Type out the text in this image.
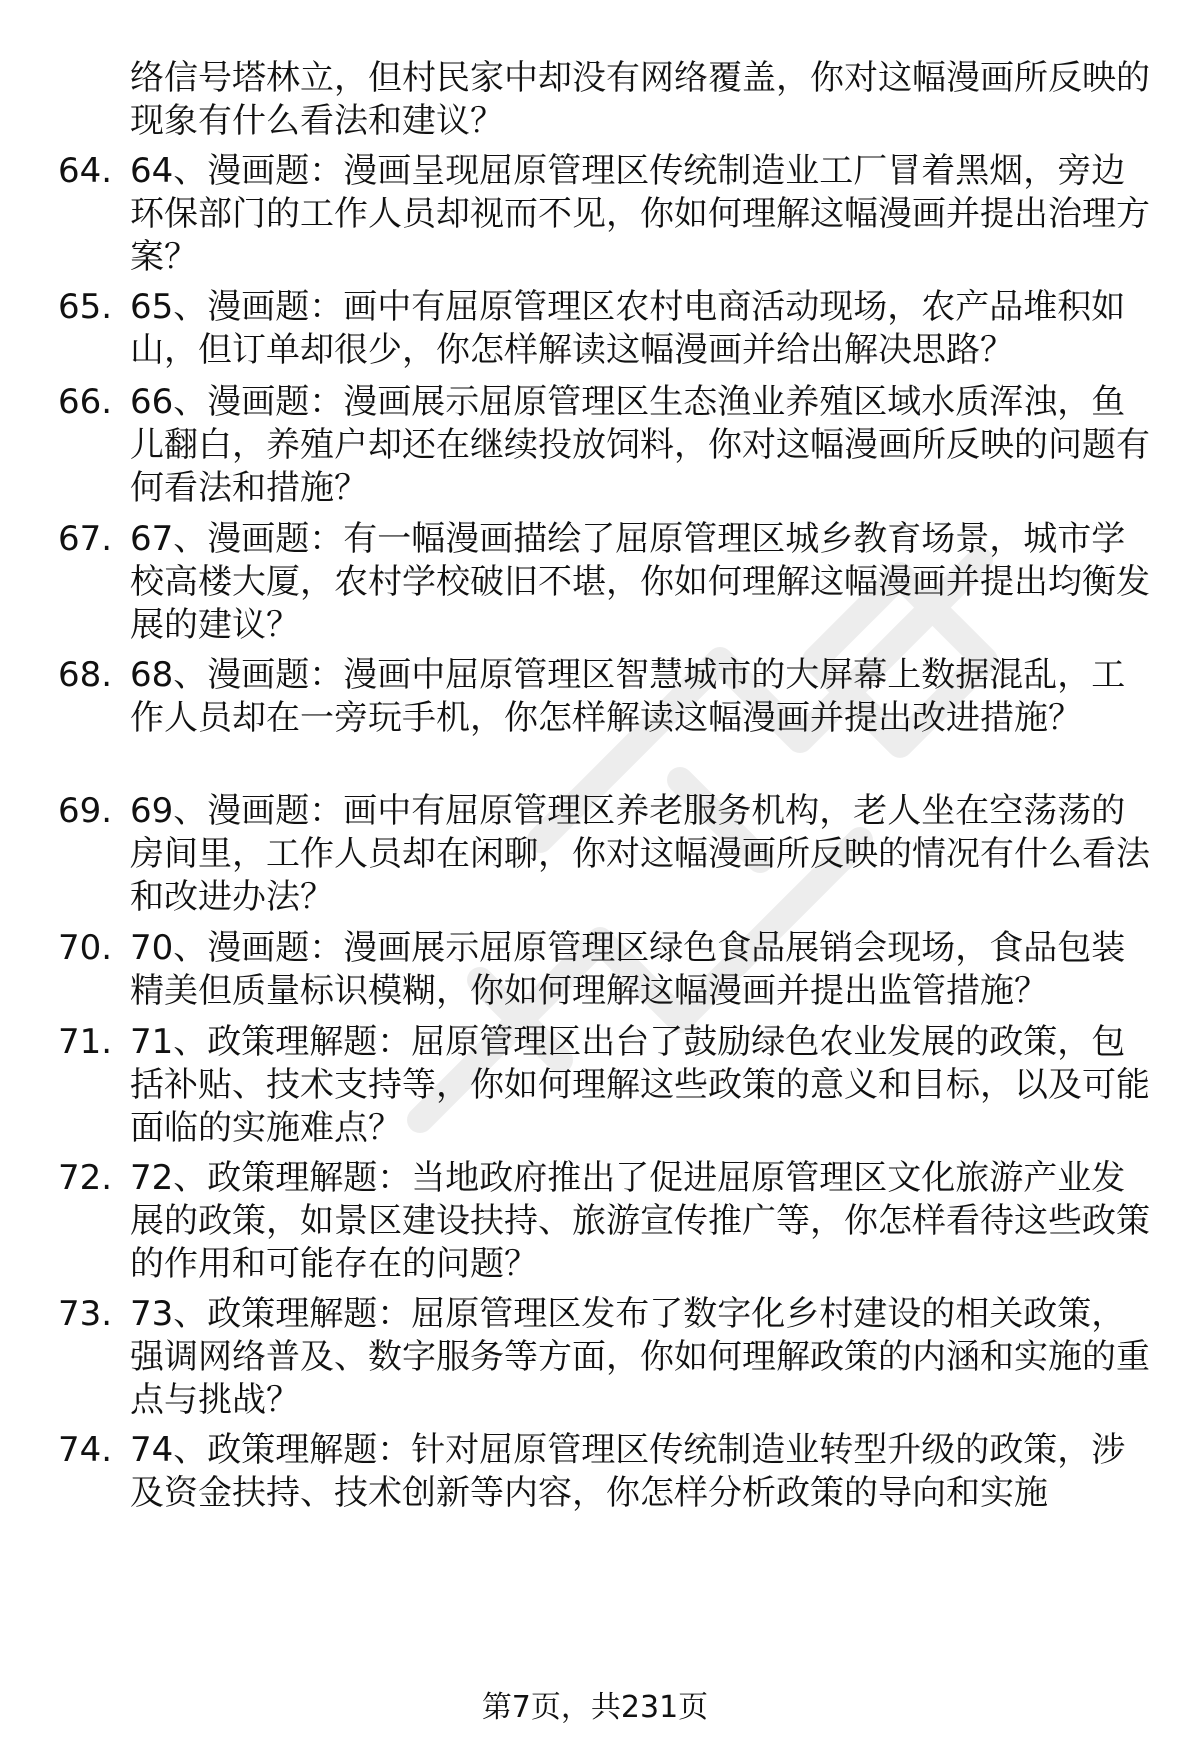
络信号塔林立，但村民家中却没有网络覆盖，你对这幅漫画所反映的现象有什么看法和建议？

64. 64、漫画题：漫画呈现屈原管理区传统制造业工厂冒着黑烟，旁边环保部门的工作人员却视而不见，你如何理解这幅漫画并提出治理方案？

65. 65、漫画题：画中有屈原管理区农村电商活动现场，农产品堆积如山，但订单却很少，你怎样解读这幅漫画并给出解决思路？

66. 66、漫画题：漫画展示屈原管理区生态渔业养殖区域水质浑浊，鱼儿翻白，养殖户却还在继续投放饲料，你对这幅漫画所反映的问题有何看法和措施？

67. 67、漫画题：有一幅漫画描绘了屈原管理区城乡教育场景，城市学校高楼大厦，农村学校破旧不堪，你如何理解这幅漫画并提出均衡发展的建议？

68. 68、漫画题：漫画中屈原管理区智慧城市的大屏幕上数据混乱，工作人员却在一旁玩手机，你怎样解读这幅漫画并提出改进措施？

69. 69、漫画题：画中有屈原管理区养老服务机构，老人坐在空荡荡的房间里，工作人员却在闲聊，你对这幅漫画所反映的情况有什么看法和改进办法？

70. 70、漫画题：漫画展示屈原管理区绿色食品展销会现场，食品包装精美但质量标识模糊，你如何理解这幅漫画并提出监管措施？

71. 71、政策理解题：屈原管理区出台了鼓励绿色农业发展的政策，包括补贴、技术支持等，你如何理解这些政策的意义和目标，以及可能面临的实施难点？

72. 72、政策理解题：当地政府推出了促进屈原管理区文化旅游产业发展的政策，如景区建设扶持、旅游宣传推广等，你怎样看待这些政策的作用和可能存在的问题？

73. 73、政策理解题：屈原管理区发布了数字化乡村建设的相关政策，强调网络普及、数字服务等方面，你如何理解政策的内涵和实施的重点与挑战？

74. 74、政策理解题：针对屈原管理区传统制造业转型升级的政策，涉及资金扶持、技术创新等内容，你怎样分析政策的导向和实施

第7页，共231页
